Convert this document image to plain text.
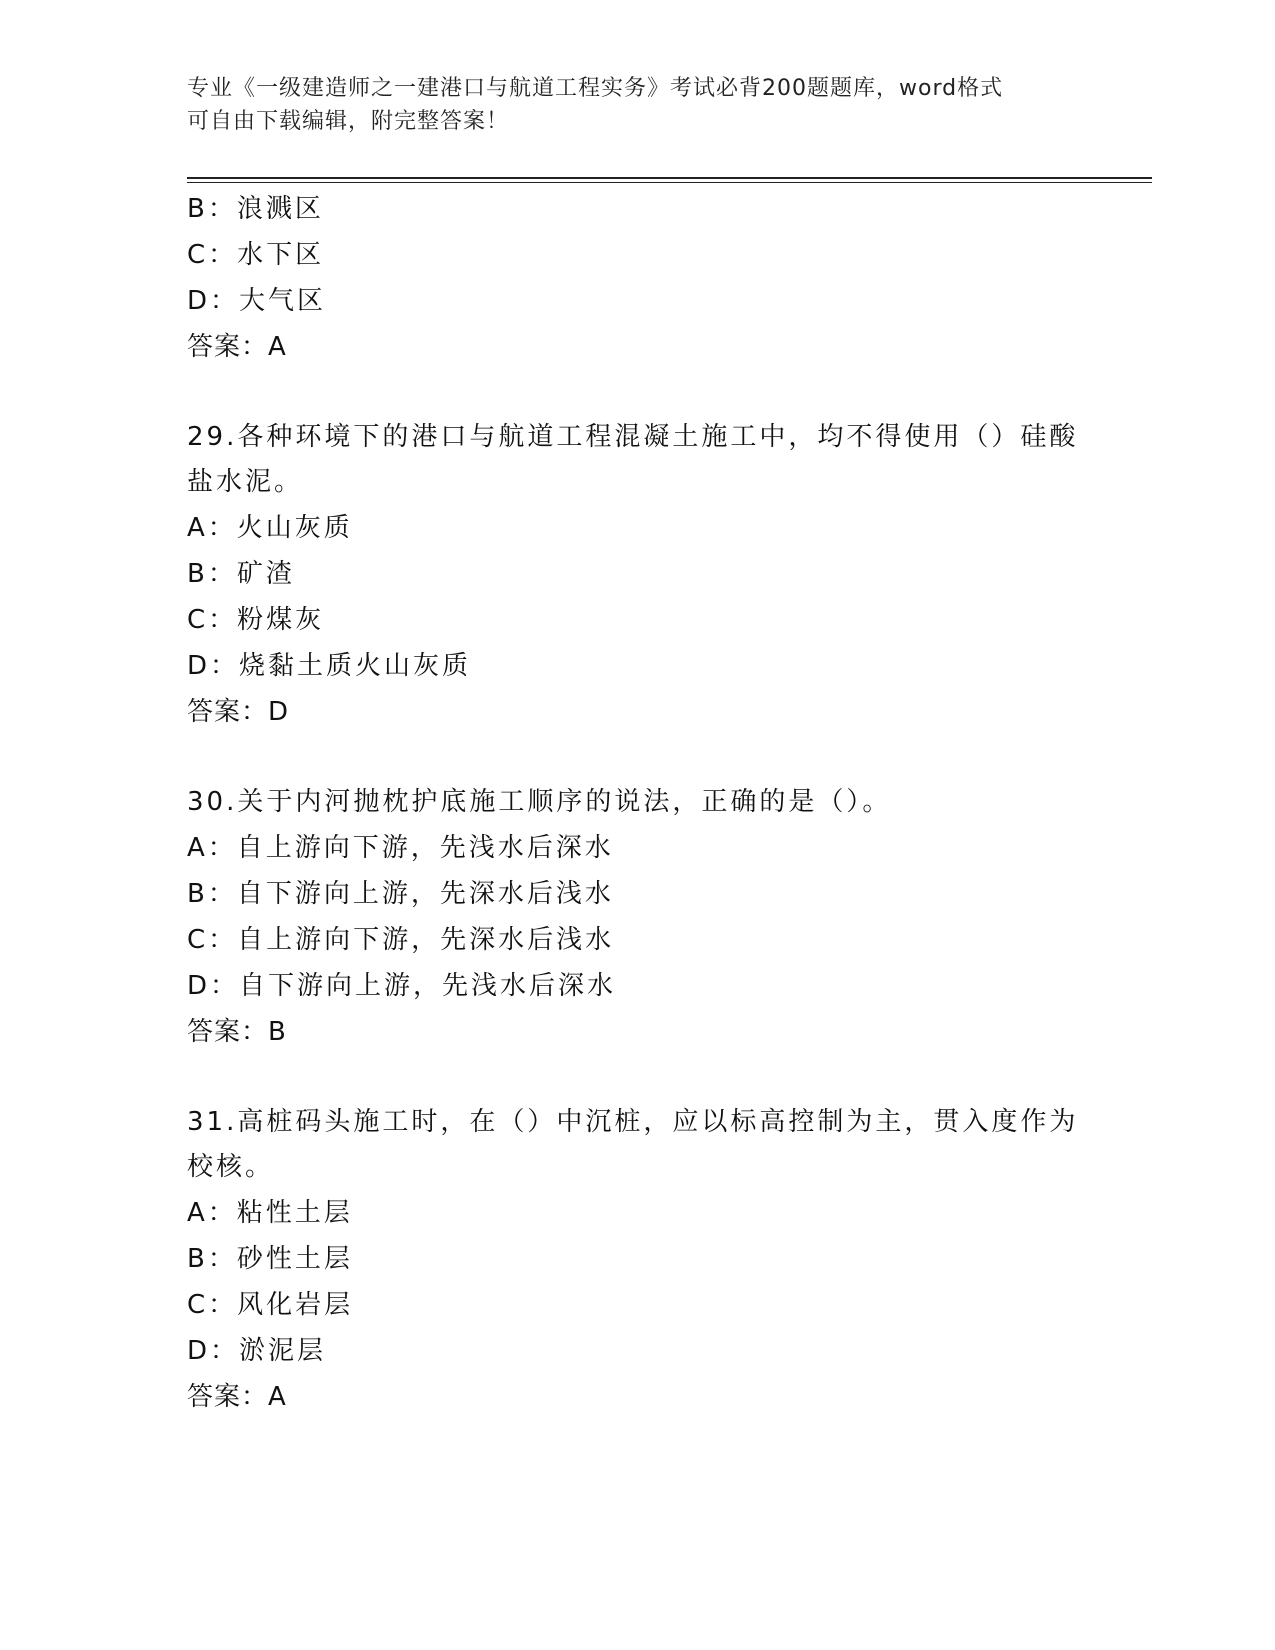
专业《一级建造师之一建港口与航道工程实务》考试必背200题题库，word格式
可自由下载编辑，附完整答案！
B：浪溅区
C：水下区
D：大气区
答案：A
29.各种环境下的港口与航道工程混凝土施工中，均不得使用（）硅酸
盐水泥。
A：火山灰质
B：矿渣
C：粉煤灰
D：烧黏土质火山灰质
答案：D
30.关于内河抛枕护底施工顺序的说法，正确的是（）。
A：自上游向下游，先浅水后深水
B：自下游向上游，先深水后浅水
C：自上游向下游，先深水后浅水
D：自下游向上游，先浅水后深水
答案：B
31.高桩码头施工时，在（）中沉桩，应以标高控制为主，贯入度作为
校核。
A：粘性土层
B：砂性土层
C：风化岩层
D：淤泥层
答案：A
